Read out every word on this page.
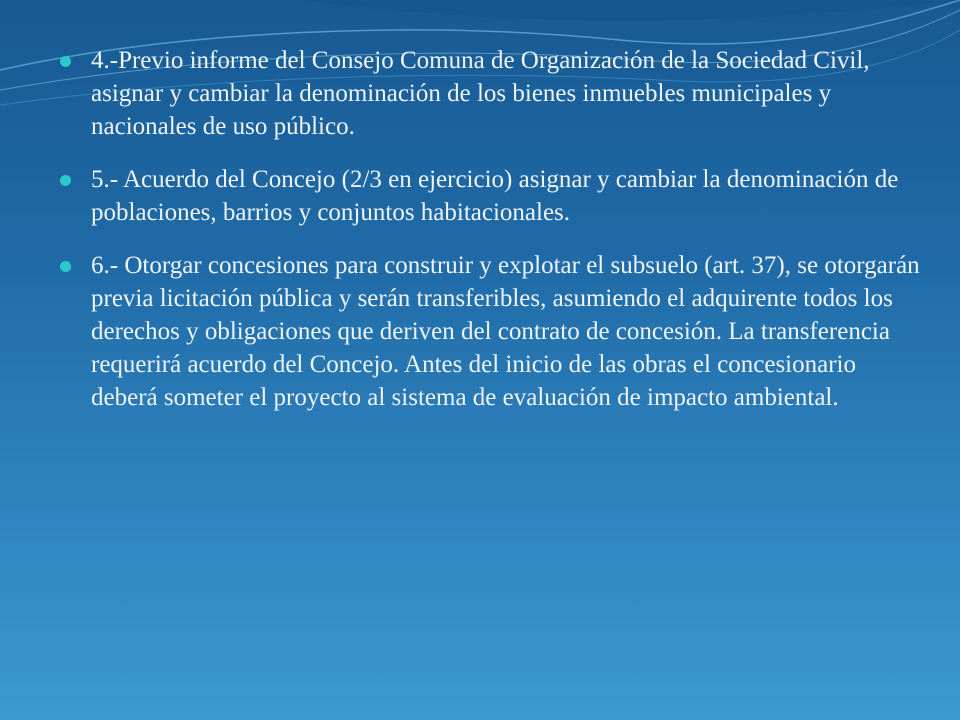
4.-Previo informe del Consejo Comuna de Organización de la Sociedad Civil, asignar y cambiar la denominación de los bienes inmuebles municipales y nacionales de uso público.
5.- Acuerdo del Concejo (2/3 en ejercicio) asignar y cambiar la denominación de poblaciones, barrios y conjuntos habitacionales.
6.- Otorgar concesiones para construir y explotar el subsuelo (art. 37), se otorgarán previa licitación pública y serán transferibles, asumiendo el adquirente todos los derechos y obligaciones que deriven del contrato de concesión. La transferencia requerirá acuerdo del Concejo. Antes del inicio de las obras el concesionario deberá someter el proyecto al sistema de evaluación de impacto ambiental.
